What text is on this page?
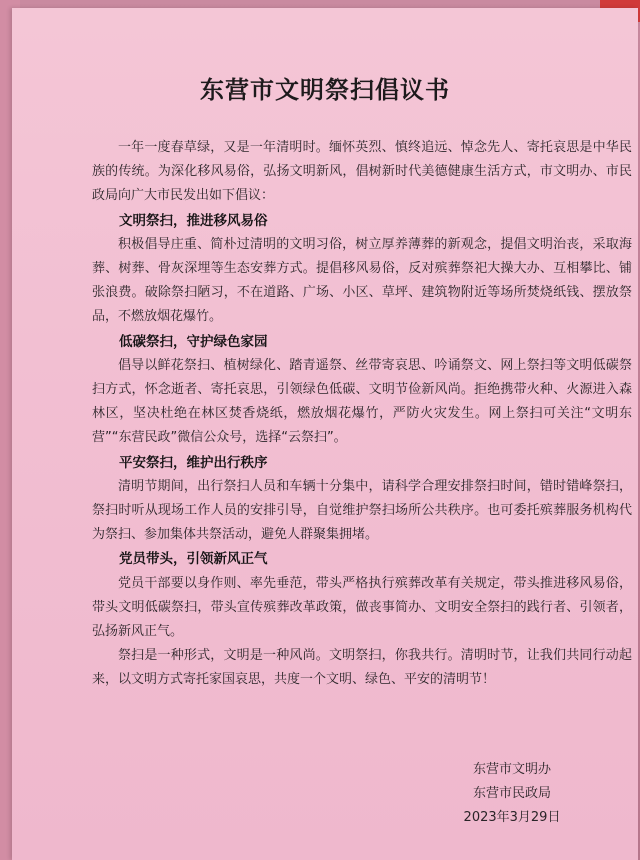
东营市文明祭扫倡议书

一年一度春草绿，又是一年清明时。缅怀英烈、慎终追远、悼念先人、寄托哀思是中华民族的传统。为深化移风易俗，弘扬文明新风，倡树新时代美德健康生活方式，市文明办、市民政局向广大市民发出如下倡议：

文明祭扫，推进移风易俗

积极倡导庄重、简朴过清明的文明习俗，树立厚养薄葬的新观念，提倡文明治丧，采取海葬、树葬、骨灰深埋等生态安葬方式。提倡移风易俗，反对殡葬祭祀大操大办、互相攀比、铺张浪费。破除祭扫陋习，不在道路、广场、小区、草坪、建筑物附近等场所焚烧纸钱、摆放祭品，不燃放烟花爆竹。

低碳祭扫，守护绿色家园

倡导以鲜花祭扫、植树绿化、踏青遥祭、丝带寄哀思、吟诵祭文、网上祭扫等文明低碳祭扫方式，怀念逝者、寄托哀思，引领绿色低碳、文明节俭新风尚。拒绝携带火种、火源进入森林区，坚决杜绝在林区焚香烧纸，燃放烟花爆竹，严防火灾发生。网上祭扫可关注“文明东营”“东营民政”微信公众号，选择“云祭扫”。

平安祭扫，维护出行秩序

清明节期间，出行祭扫人员和车辆十分集中，请科学合理安排祭扫时间，错时错峰祭扫，祭扫时听从现场工作人员的安排引导，自觉维护祭扫场所公共秩序。也可委托殡葬服务机构代为祭扫、参加集体共祭活动，避免人群聚集拥堵。

党员带头，引领新风正气

党员干部要以身作则、率先垂范，带头严格执行殡葬改革有关规定，带头推进移风易俗，带头文明低碳祭扫，带头宣传殡葬改革政策，做丧事简办、文明安全祭扫的践行者、引领者，弘扬新风正气。

祭扫是一种形式，文明是一种风尚。文明祭扫，你我共行。清明时节，让我们共同行动起来，以文明方式寄托家国哀思，共度一个文明、绿色、平安的清明节！

东营市文明办
东营市民政局
2023年3月29日
